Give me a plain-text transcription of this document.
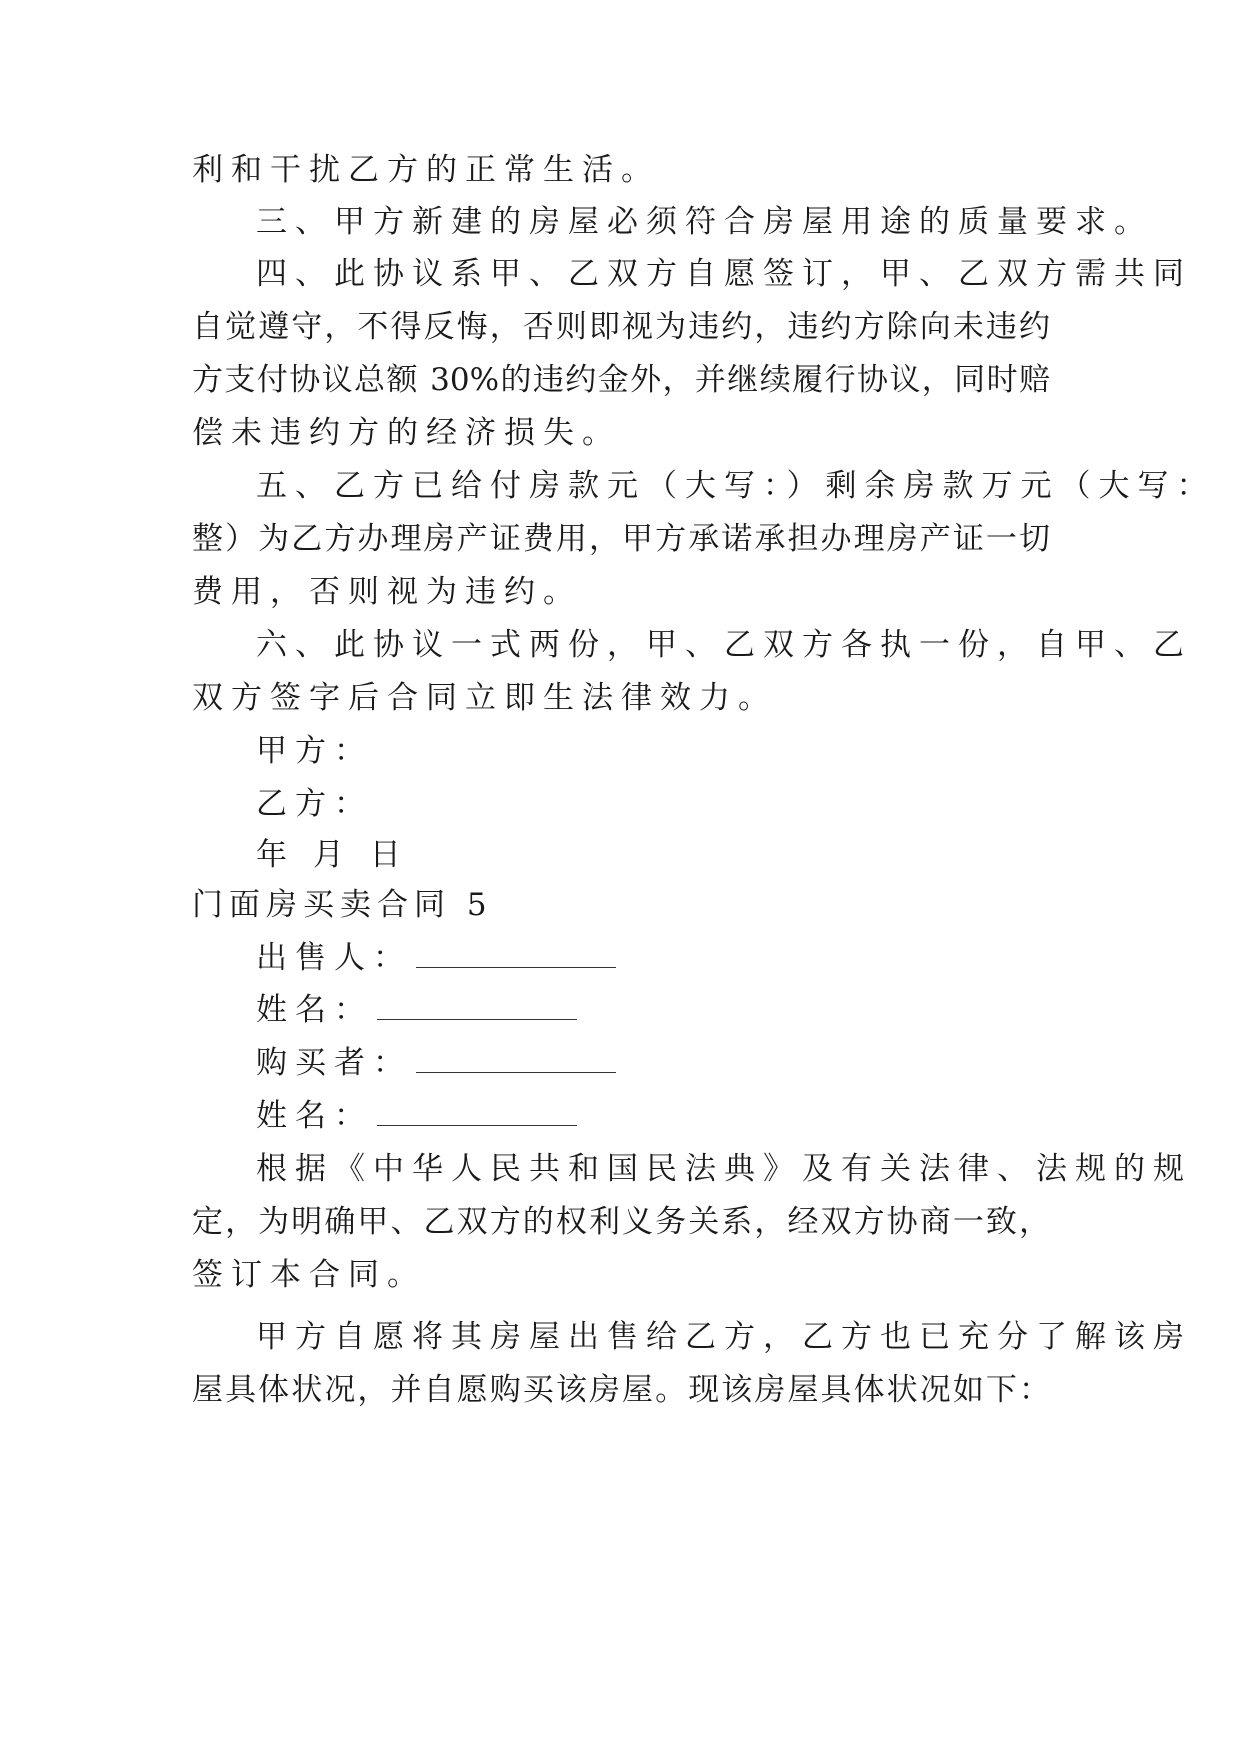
利和干扰乙方的正常生活。
三、甲方新建的房屋必须符合房屋用途的质量要求。
四、此协议系甲、乙双方自愿签订，甲、乙双方需共同
自觉遵守，不得反悔，否则即视为违约，违约方除向未违约
方支付协议总额 30%的违约金外，并继续履行协议，同时赔
偿未违约方的经济损失。
五、乙方已给付房款元（大写：）剩余房款万元（大写：
整）为乙方办理房产证费用，甲方承诺承担办理房产证一切
费用，否则视为违约。
六、此协议一式两份，甲、乙双方各执一份，自甲、乙
双方签字后合同立即生法律效力。
甲方：
乙方：
年 月 日
门面房买卖合同 5
出售人：
姓名：
购买者：
姓名：
根据《中华人民共和国民法典》及有关法律、法规的规
定，为明确甲、乙双方的权利义务关系，经双方协商一致，
签订本合同。
甲方自愿将其房屋出售给乙方，乙方也已充分了解该房
屋具体状况，并自愿购买该房屋。现该房屋具体状况如下：
